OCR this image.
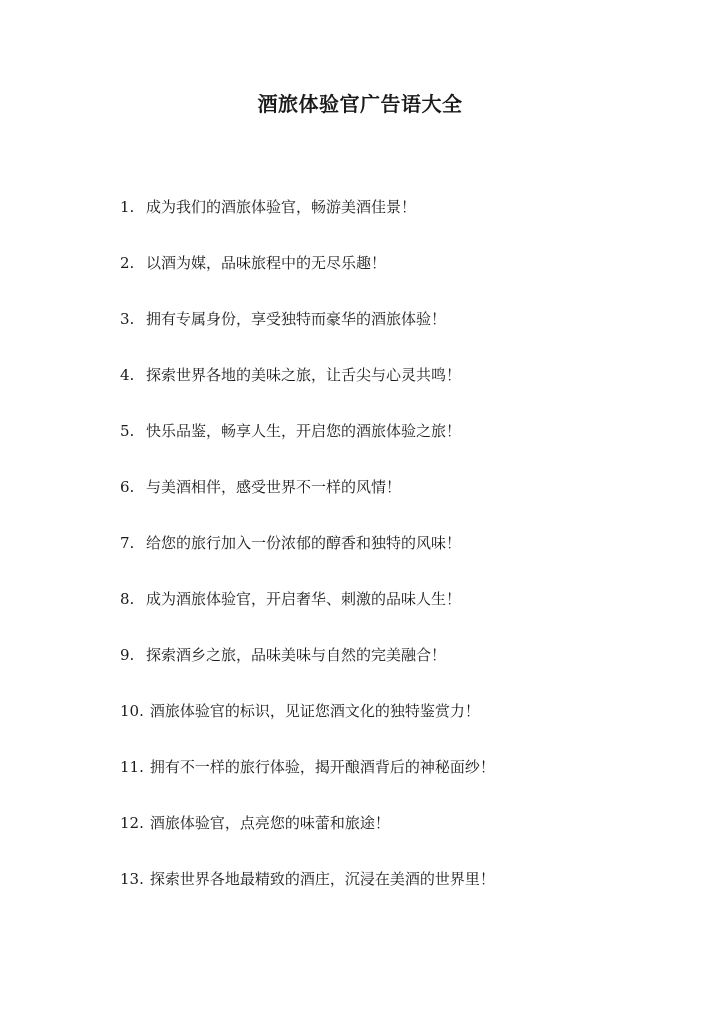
酒旅体验官广告语大全
1. 成为我们的酒旅体验官，畅游美酒佳景！
2. 以酒为媒，品味旅程中的无尽乐趣！
3. 拥有专属身份，享受独特而豪华的酒旅体验！
4. 探索世界各地的美味之旅，让舌尖与心灵共鸣！
5. 快乐品鉴，畅享人生，开启您的酒旅体验之旅！
6. 与美酒相伴，感受世界不一样的风情！
7. 给您的旅行加入一份浓郁的醇香和独特的风味！
8. 成为酒旅体验官，开启奢华、刺激的品味人生！
9. 探索酒乡之旅，品味美味与自然的完美融合！
10. 酒旅体验官的标识，见证您酒文化的独特鉴赏力！
11. 拥有不一样的旅行体验，揭开酿酒背后的神秘面纱！
12. 酒旅体验官，点亮您的味蕾和旅途！
13. 探索世界各地最精致的酒庄，沉浸在美酒的世界里！
